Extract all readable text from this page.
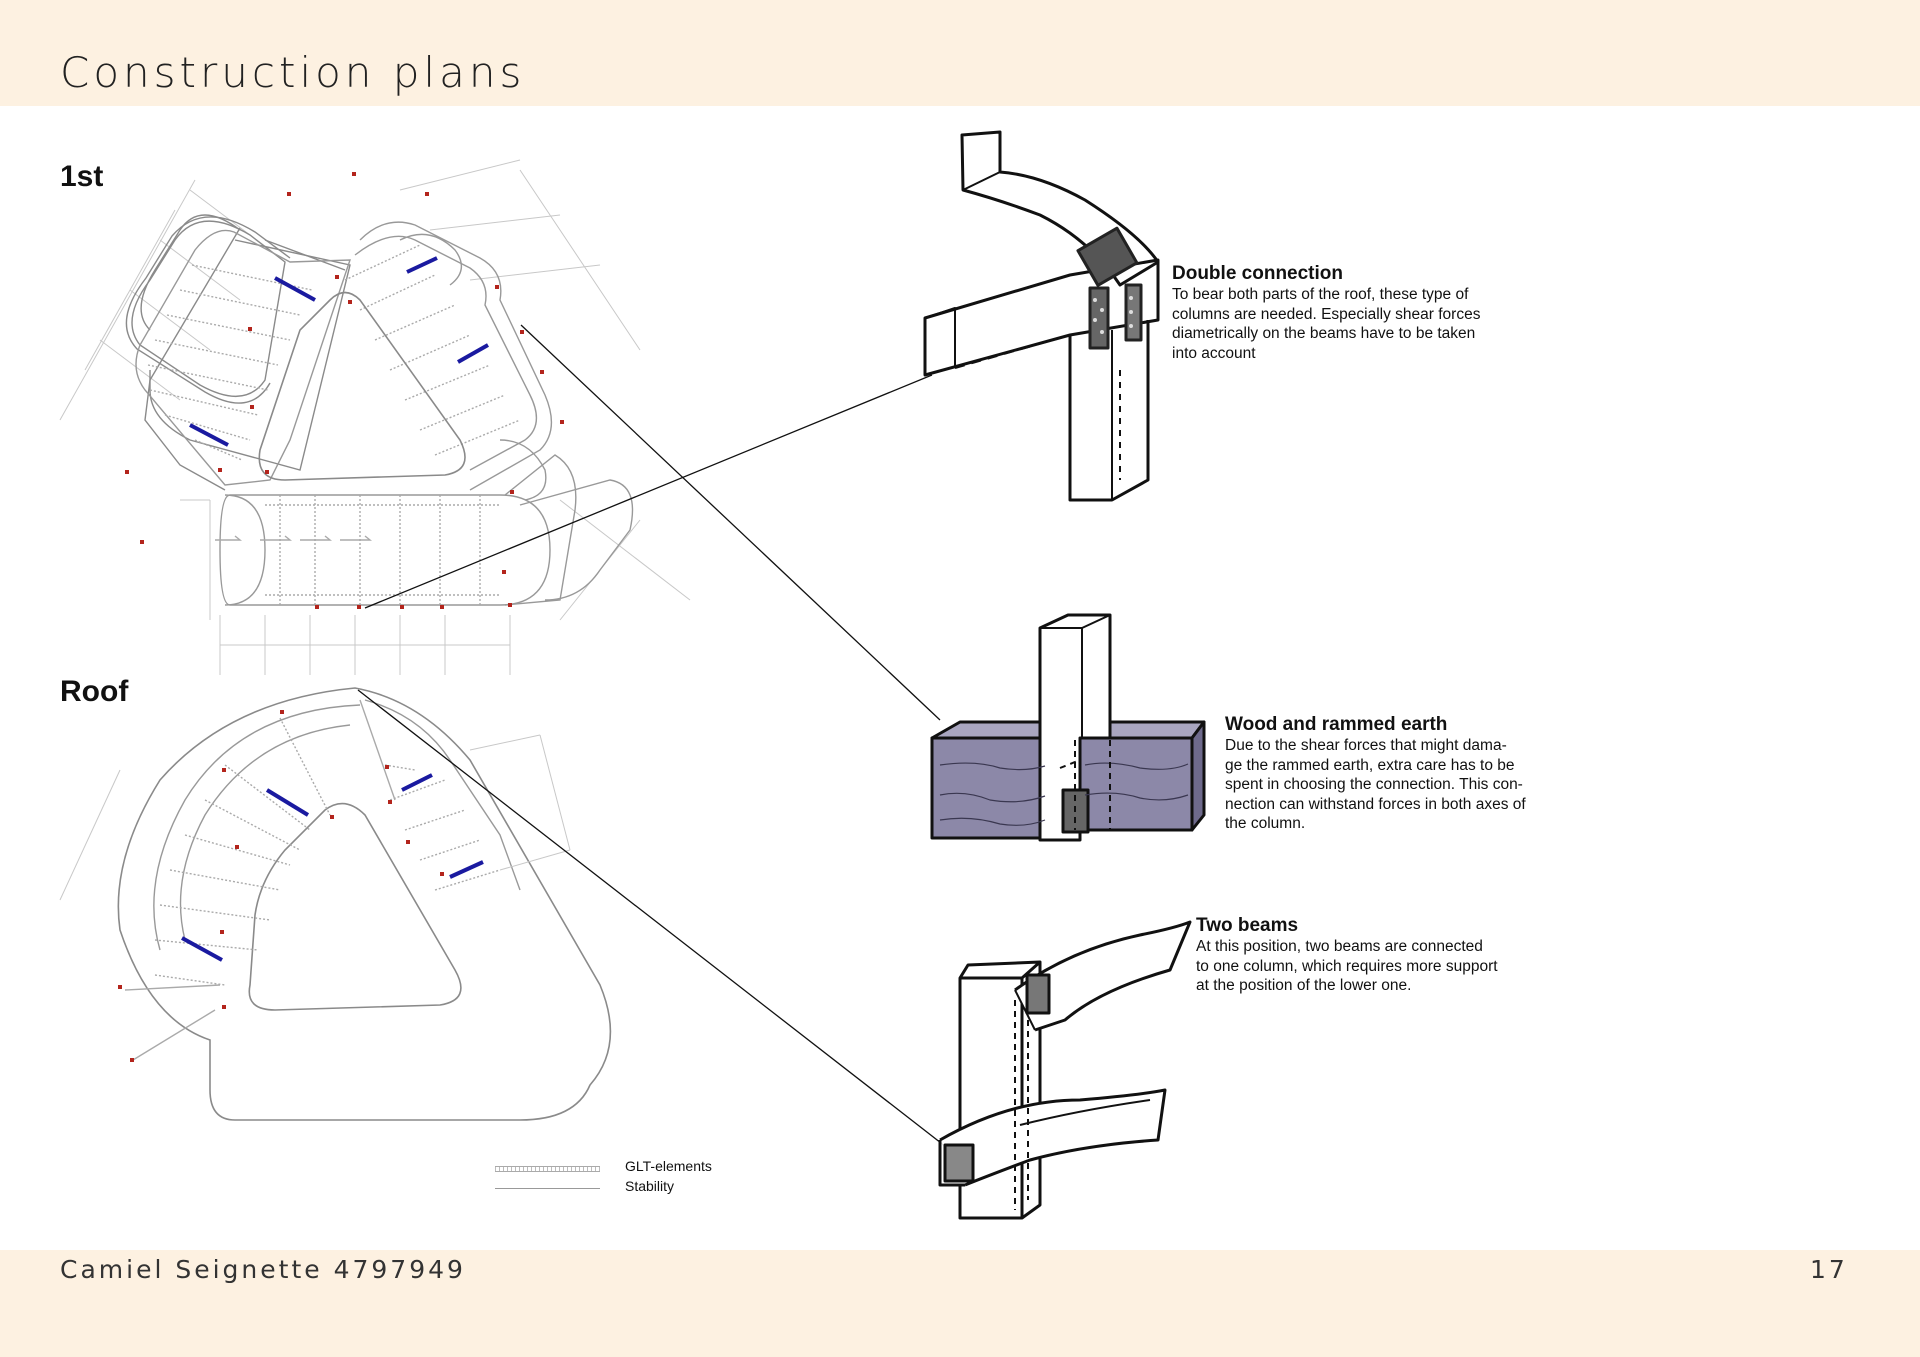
Construction plans
1st
Roof
Double connection
To bear both parts of the roof, these type of
columns are needed. Especially shear forces
diametrically on the beams have to be taken
into account
Wood and rammed earth
Due to the shear forces that might dama-
ge the rammed earth, extra care has to be
spent in choosing the connection. This con-
nection can withstand forces in both axes of
the column.
Two beams
At this position, two beams are connected
to one column, which requires more support
at the position of the lower one.
GLT-elements
Stability
Camiel Seignette 4797949	17
